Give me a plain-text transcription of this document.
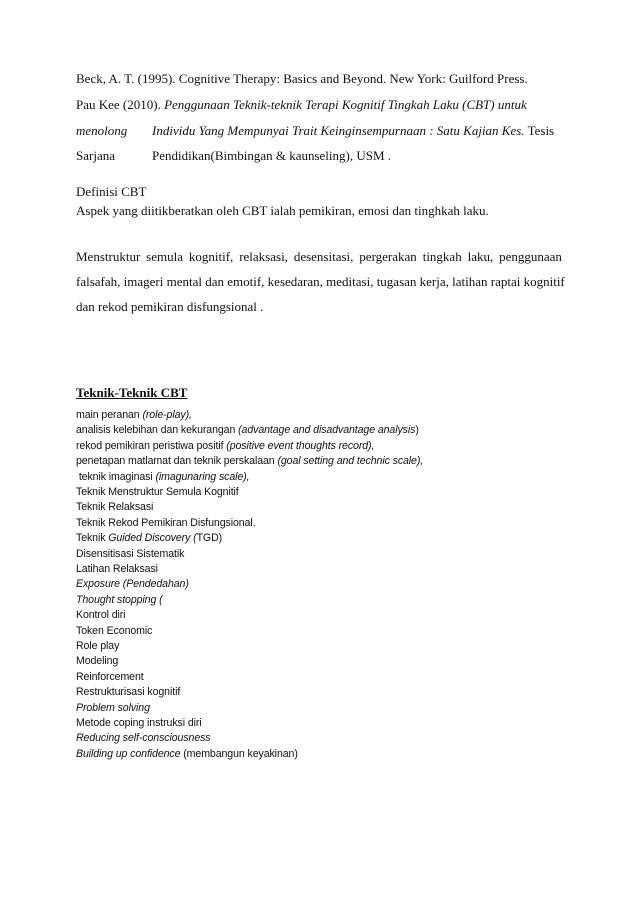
Beck, A. T. (1995). Cognitive Therapy: Basics and Beyond. New York: Guilford Press.
Pau Kee (2010). Penggunaan Teknik-teknik Terapi Kognitif Tingkah Laku (CBT) untuk
menolong Individu Yang Mempunyai Trait Keinginsempurnaan : Satu Kajian Kes. Tesis
Sarjana	Pendidikan(Bimbingan & kaunseling), USM .
Definisi CBT
Aspek yang diitikberatkan oleh CBT ialah pemikiran, emosi dan tinghkah laku.
Menstruktur semula kognitif, relaksasi, desensitasi, pergerakan tingkah laku, penggunaan
falsafah, imageri mental dan emotif, kesedaran, meditasi, tugasan kerja, latihan raptai kognitif
dan rekod pemikiran disfungsional .
Teknik-Teknik CBT
main peranan (role-play),
analisis kelebihan dan kekurangan (advantage and disadvantage analysis)
rekod pemikiran peristiwa positif (positive event thoughts record),
penetapan matlamat dan teknik perskalaan (goal setting and technic scale),
teknik imaginasi (imagunaring scale),
Teknik Menstruktur Semula Kognitif
Teknik Relaksasi
Teknik Rekod Pemikiran Disfungsional.
Teknik Guided Discovery (TGD)
Disensitisasi Sistematik
Latihan Relaksasi
Exposure (Pendedahan)
Thought stopping (
Kontrol diri
Token Economic
Role play
Modeling
Reinforcement
Restrukturisasi kognitif
Problem solving
Metode coping instruksi diri
Reducing self-consciousness
Building up confidence (membangun keyakinan)
